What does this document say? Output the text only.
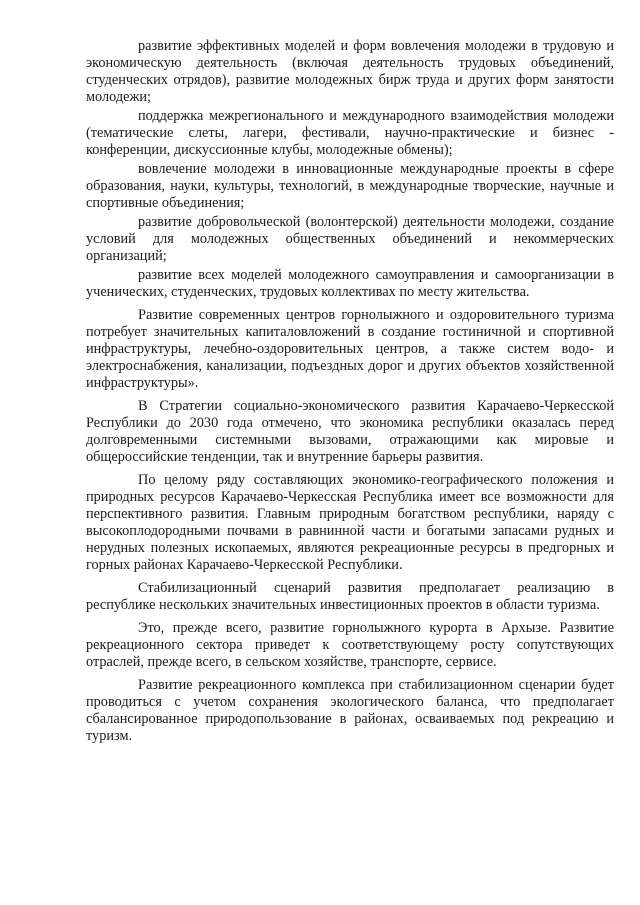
развитие эффективных моделей и форм вовлечения молодежи в трудовую и экономическую деятельность (включая деятельность трудовых объединений, студенческих отрядов), развитие молодежных бирж труда и других форм занятости молодежи;

поддержка межрегионального и международного взаимодействия молодежи (тематические слеты, лагери, фестивали, научно-практические и бизнес - конференции, дискуссионные клубы, молодежные обмены);

вовлечение молодежи в инновационные международные проекты в сфере образования, науки, культуры, технологий, в международные творческие, научные и спортивные объединения;

развитие добровольческой (волонтерской) деятельности молодежи, создание условий для молодежных общественных объединений и некоммерческих организаций;

развитие всех моделей молодежного самоуправления и самоорганизации в ученических, студенческих, трудовых коллективах по месту жительства.

Развитие современных центров горнолыжного и оздоровительного туризма потребует значительных капиталовложений в создание гостиничной и спортивной инфраструктуры, лечебно-оздоровительных центров, а также систем водо- и электроснабжения, канализации, подъездных дорог и других объектов хозяйственной инфраструктуры».

В Стратегии социально-экономического развития Карачаево-Черкесской Республики до 2030 года отмечено, что экономика республики оказалась перед долговременными системными вызовами, отражающими как мировые и общероссийские тенденции, так и внутренние барьеры развития.

По целому ряду составляющих экономико-географического положения и природных ресурсов Карачаево-Черкесская Республика имеет все возможности для перспективного развития. Главным природным богатством республики, наряду с высокоплодородными почвами в равнинной части и богатыми запасами рудных и нерудных полезных ископаемых, являются рекреационные ресурсы в предгорных и горных районах Карачаево-Черкесской Республики.

Стабилизационный сценарий развития предполагает реализацию в республике нескольких значительных инвестиционных проектов в области туризма.

Это, прежде всего, развитие горнолыжного курорта в Архызе. Развитие рекреационного сектора приведет к соответствующему росту сопутствующих отраслей, прежде всего, в сельском хозяйстве, транспорте, сервисе.

Развитие рекреационного комплекса при стабилизационном сценарии будет проводиться с учетом сохранения экологического баланса, что предполагает сбалансированное природопользование в районах, осваиваемых под рекреацию и туризм.
